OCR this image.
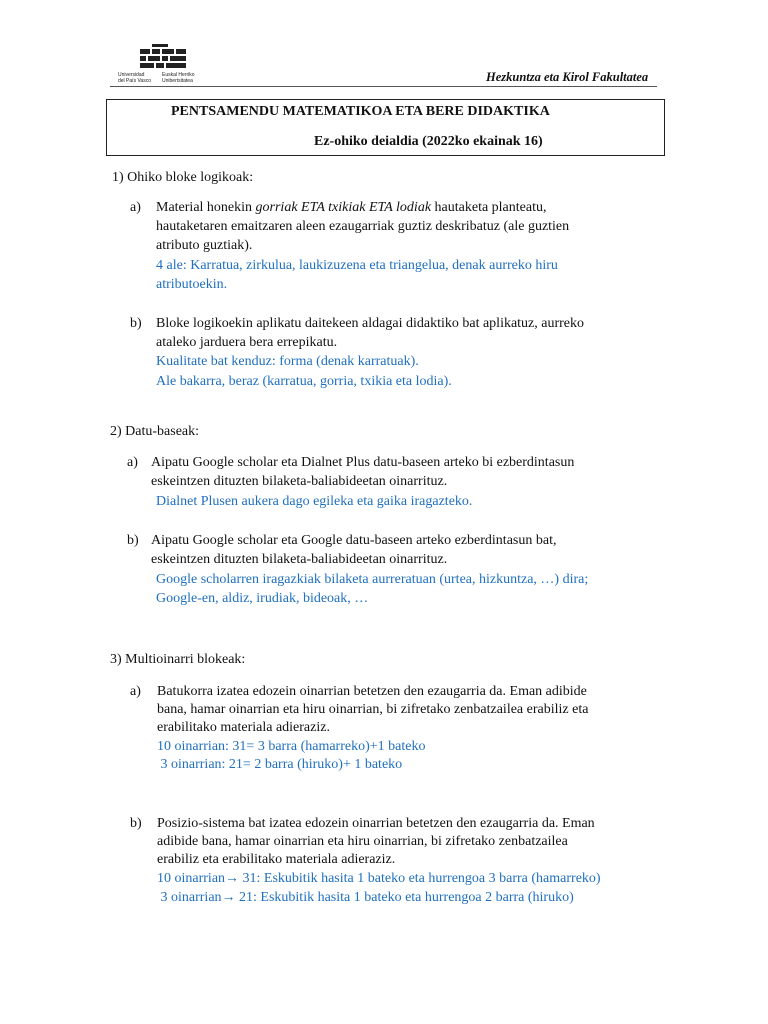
Universidad
del País Vasco
Euskal Herriko
Unibertsitatea	Hezkuntza eta Kirol Fakultatea
PENTSAMENDU MATEMATIKOA ETA BERE DIDAKTIKA
Ez-ohiko deialdia (2022ko ekainak 16)
1) Ohiko bloke logikoak:
a) Material honekin gorriak ETA txikiak ETA lodiak hautaketa planteatu,
hautaketaren emaitzaren aleen ezaugarriak guztiz deskribatuz (ale guztien
atributo guztiak).
4 ale: Karratua, zirkulua, laukizuzena eta triangelua, denak aurreko hiru
atributoekin.
b) Bloke logikoekin aplikatu daitekeen aldagai didaktiko bat aplikatuz, aurreko
ataleko jarduera bera errepikatu.
Kualitate bat kenduz: forma (denak karratuak).
Ale bakarra, beraz (karratua, gorria, txikia eta lodia).
2) Datu-baseak:
a) Aipatu Google scholar eta Dialnet Plus datu-baseen arteko bi ezberdintasun
eskeintzen dituzten bilaketa-baliabideetan oinarrituz.
Dialnet Plusen aukera dago egileka eta gaika iragazteko.
b) Aipatu Google scholar eta Google datu-baseen arteko ezberdintasun bat,
eskeintzen dituzten bilaketa-baliabideetan oinarrituz.
Google scholarren iragazkiak bilaketa aurreratuan (urtea, hizkuntza, …) dira;
Google-en, aldiz, irudiak, bideoak, …
3) Multioinarri blokeak:
a) Batukorra izatea edozein oinarrian betetzen den ezaugarria da. Eman adibide
bana, hamar oinarrian eta hiru oinarrian, bi zifretako zenbatzailea erabiliz eta
erabilitako materiala adieraziz.
10 oinarrian: 31= 3 barra (hamarreko)+1 bateko
3 oinarrian: 21= 2 barra (hiruko)+ 1 bateko
b) Posizio-sistema bat izatea edozein oinarrian betetzen den ezaugarria da. Eman
adibide bana, hamar oinarrian eta hiru oinarrian, bi zifretako zenbatzailea
erabiliz eta erabilitako materiala adieraziz.
10 oinarrian→ 31: Eskubitik hasita 1 bateko eta hurrengoa 3 barra (hamarreko)
3 oinarrian→ 21: Eskubitik hasita 1 bateko eta hurrengoa 2 barra (hiruko)
